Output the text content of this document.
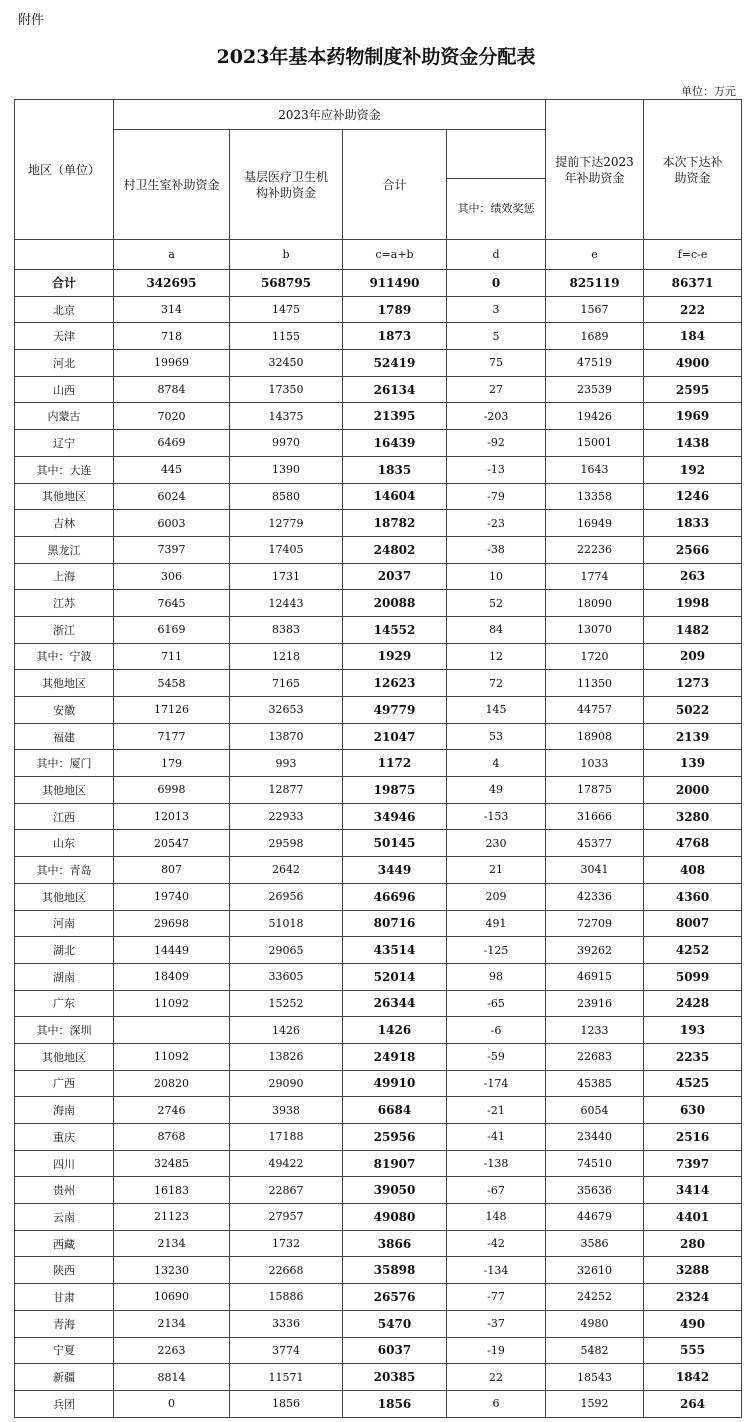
附件
2023年基本药物制度补助资金分配表
单位：万元
地区（单位）	2023年应补助资金				提前下达2023年补助资金	本次下达补助资金
	村卫生室补助资金	基层医疗卫生机构补助资金	合计			
				其中：绩效奖惩		
	a	b	c=a+b	d	e	f=c-e
合计	342695	568795	911490	0	825119	86371
北京	314	1475	1789	3	1567	222
天津	718	1155	1873	5	1689	184
河北	19969	32450	52419	75	47519	4900
山西	8784	17350	26134	27	23539	2595
内蒙古	7020	14375	21395	-203	19426	1969
辽宁	6469	9970	16439	-92	15001	1438
其中：大连	445	1390	1835	-13	1643	192
其他地区	6024	8580	14604	-79	13358	1246
吉林	6003	12779	18782	-23	16949	1833
黑龙江	7397	17405	24802	-38	22236	2566
上海	306	1731	2037	10	1774	263
江苏	7645	12443	20088	52	18090	1998
浙江	6169	8383	14552	84	13070	1482
其中：宁波	711	1218	1929	12	1720	209
其他地区	5458	7165	12623	72	11350	1273
安徽	17126	32653	49779	145	44757	5022
福建	7177	13870	21047	53	18908	2139
其中：厦门	179	993	1172	4	1033	139
其他地区	6998	12877	19875	49	17875	2000
江西	12013	22933	34946	-153	31666	3280
山东	20547	29598	50145	230	45377	4768
其中：青岛	807	2642	3449	21	3041	408
其他地区	19740	26956	46696	209	42336	4360
河南	29698	51018	80716	491	72709	8007
湖北	14449	29065	43514	-125	39262	4252
湖南	18409	33605	52014	98	46915	5099
广东	11092	15252	26344	-65	23916	2428
其中：深圳		1426	1426	-6	1233	193
其他地区	11092	13826	24918	-59	22683	2235
广西	20820	29090	49910	-174	45385	4525
海南	2746	3938	6684	-21	6054	630
重庆	8768	17188	25956	-41	23440	2516
四川	32485	49422	81907	-138	74510	7397
贵州	16183	22867	39050	-67	35636	3414
云南	21123	27957	49080	148	44679	4401
西藏	2134	1732	3866	-42	3586	280
陕西	13230	22668	35898	-134	32610	3288
甘肃	10690	15886	26576	-77	24252	2324
青海	2134	3336	5470	-37	4980	490
宁夏	2263	3774	6037	-19	5482	555
新疆	8814	11571	20385	22	18543	1842
兵团	0	1856	1856	6	1592	264
